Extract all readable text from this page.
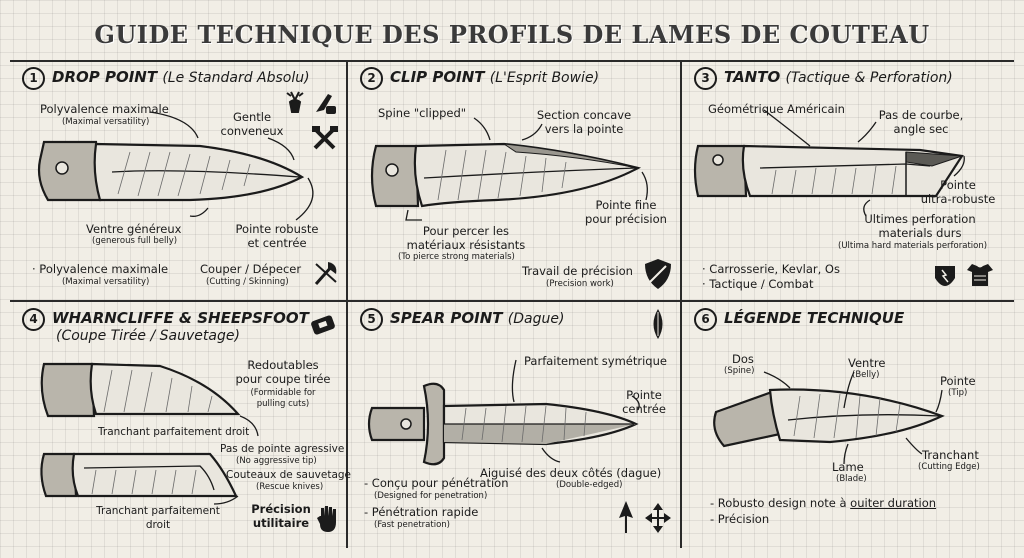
GUIDE TECHNIQUE DES PROFILS DE LAMES DE COUTEAU
1 DROP POINT (Le Standard Absolu)
Polyvalence maximale
(Maximal versatility)	Gentle
conveneux
Ventre généreux
(generous full belly)
Pointe robuste
et centrée
· Polyvalence maximale
(Maximal versatility)
Couper / Dépecer
(Cutting / Skinning)
2 CLIP POINT (L'Esprit Bowie)
Spine "clipped"	Section concave
vers la pointe
Pointe fine
pour précision
Pour percer les
matériaux résistants
(To pierce strong materials)
Travail de précision
(Precision work)
3 TANTO (Tactique & Perforation)
Géométrique Américain	Pas de courbe,
angle sec
Pointe
ultra-robuste
Ultimes perforation
materials durs
(Ultima hard materials perforation)
· Carrosserie, Kevlar, Os
· Tactique / Combat
4 WHARNCLIFFE & SHEEPSFOOT
(Coupe Tirée / Sauvetage)
Redoutables
pour coupe tirée
(Formidable for
pulling cuts)
Tranchant parfaitement droit
Pas de pointe agressive
(No aggressive tip)
Couteaux de sauvetage
(Rescue knives)
Tranchant parfaitement
droit
Précision
utilitaire
5 SPEAR POINT (Dague)
Parfaitement symétrique
Pointe
centrée
Aiguisé des deux côtés (dague)
(Double-edged)
- Conçu pour pénétration
(Designed for penetration)
- Pénétration rapide
(Fast penetration)
6 LÉGENDE TECHNIQUE
Dos
(Spine)
Ventre
(Belly)	Pointe
(Tip)
Tranchant
(Cutting Edge)
Lame
(Blade)
- Robusto design note à ouiter duration
- Précision
